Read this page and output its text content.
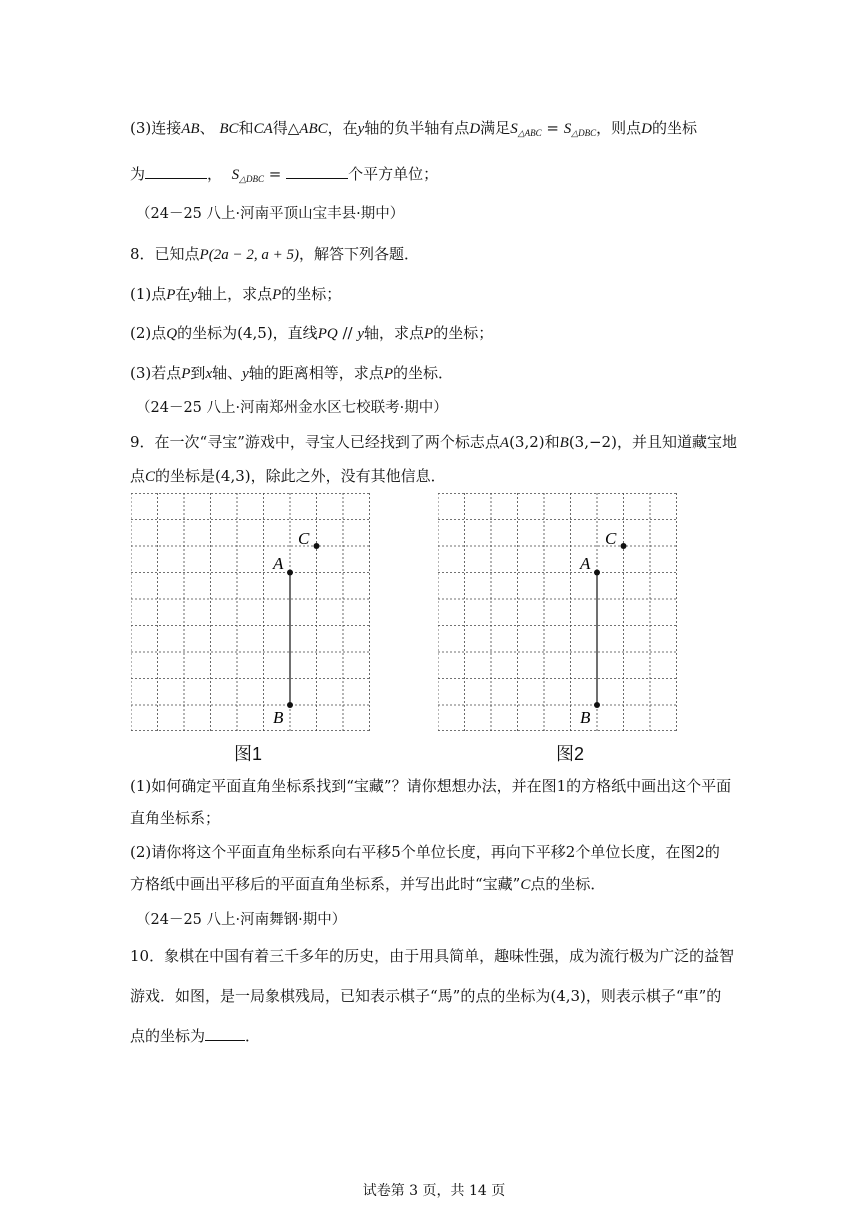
(3)连接AB、 BC和CA得△ABC，在y轴的负半轴有点D满足$S_{\triangle ABC} = S_{\triangle DBC}$，则点D的坐标
为	， $S_{\triangle DBC}$ =	个平方单位；
（24－25 八上·河南平顶山宝丰县·期中）
8．已知点P(2a − 2, a + 5)，解答下列各题．
(1)点P在y轴上，求点P的坐标；
(2)点Q的坐标为(4,5)，直线PQ // y轴，求点P的坐标；
(3)若点P到x轴、y轴的距离相等，求点P的坐标．
（24－25 八上·河南郑州金水区七校联考·期中）
9．在一次“寻宝”游戏中，寻宝人已经找到了两个标志点A(3,2)和B(3,−2)，并且知道藏宝地
点C的坐标是(4,3)，除此之外，没有其他信息．
A
B
C
图1
A
B
C
图2
(1)如何确定平面直角坐标系找到“宝藏”？请你想想办法，并在图1的方格纸中画出这个平面
直角坐标系；
(2)请你将这个平面直角坐标系向右平移5个单位长度，再向下平移2个单位长度，在图2的
方格纸中画出平移后的平面直角坐标系，并写出此时“宝藏”C点的坐标．
（24－25 八上·河南舞钢·期中）
10．象棋在中国有着三千多年的历史，由于用具简单，趣味性强，成为流行极为广泛的益智
游戏．如图，是一局象棋残局，已知表示棋子“馬”的点的坐标为(4,3)，则表示棋子“車”的
点的坐标为	．
试卷第 3 页，共 14 页
